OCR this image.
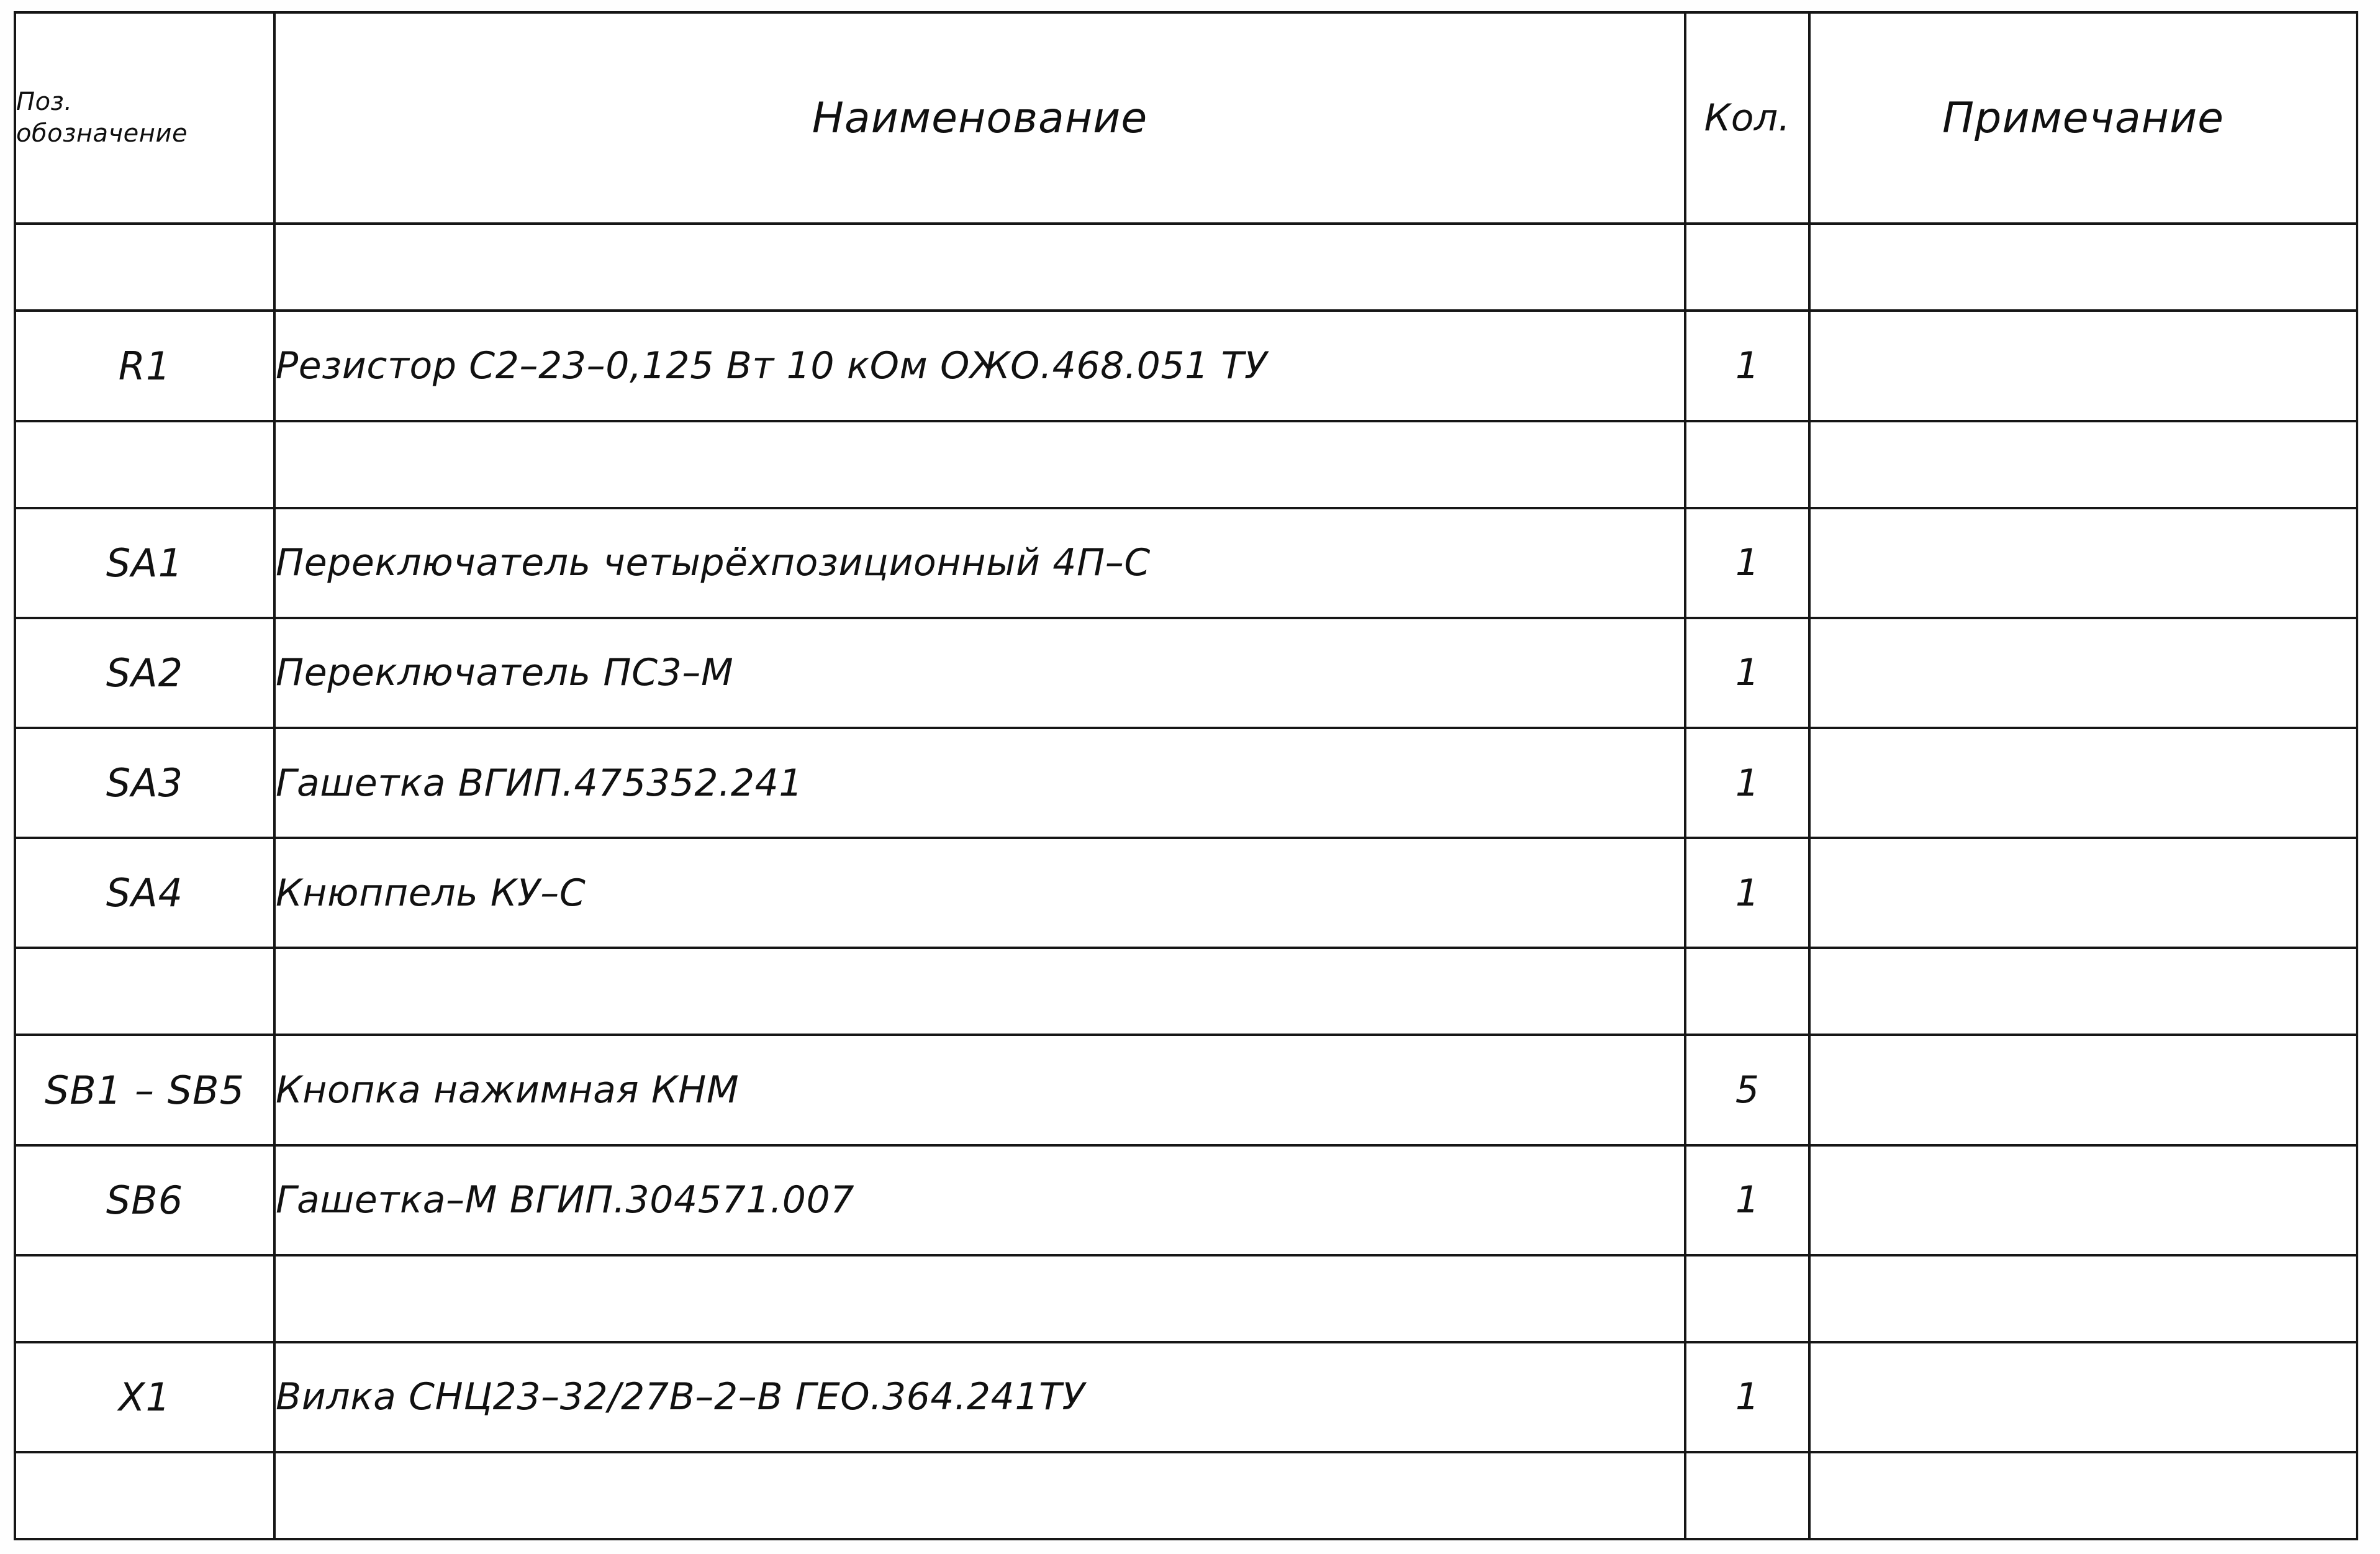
Поз.
обозначение	Наименование	Кол.	Примечание

R1	Резистор С2–23–0,125 Вт 10 кОм ОЖО.468.051 ТУ	1	

SA1	Переключатель четырёхпозиционный 4П–С	1	
SA2	Переключатель ПС3–М	1	
SA3	Гашетка ВГИП.475352.241	1	
SA4	Кнюппель КУ–С	1	

SB1 – SB5	Кнопка нажимная КНМ	5	
SB6	Гашетка–М ВГИП.304571.007	1	

X1	Вилка СНЦ23–32/27В–2–В ГЕО.364.241ТУ	1	
